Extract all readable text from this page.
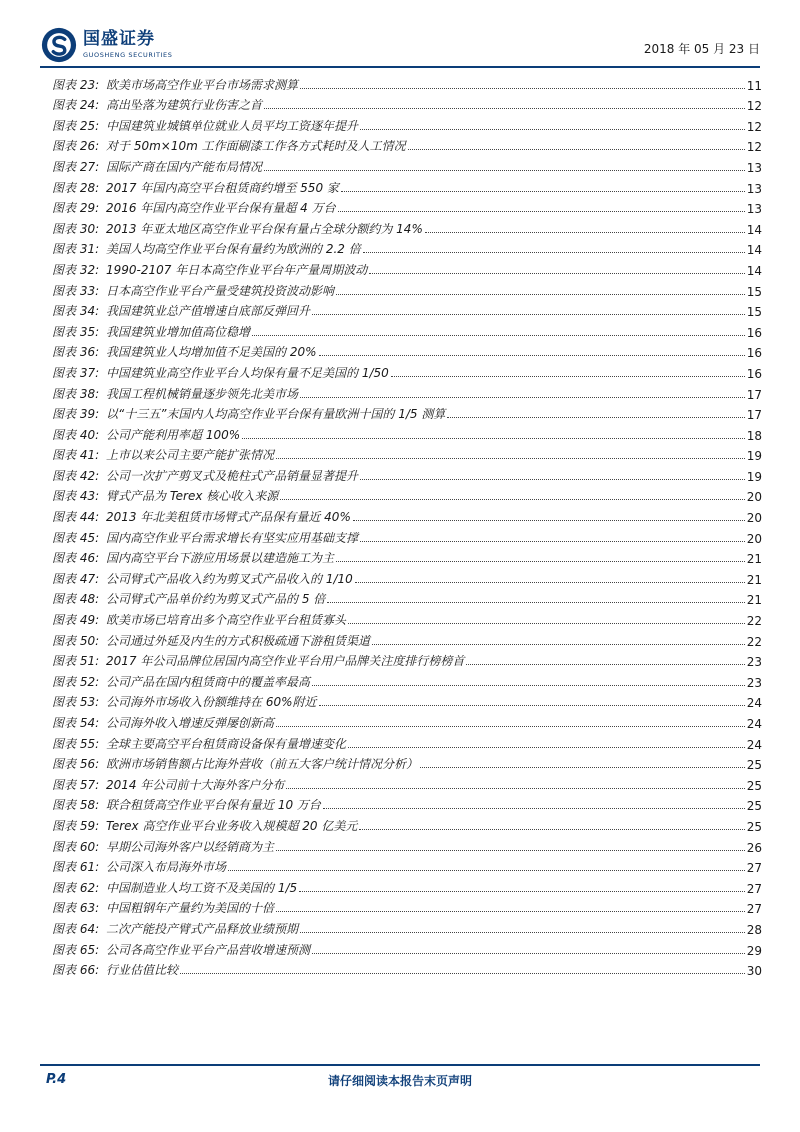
国盛证券
GUOSHENG SECURITIES	2018 年 05 月 23 日
图表 23: 欧美市场高空作业平台市场需求测算	11
图表 24: 高出坠落为建筑行业伤害之首	12
图表 25: 中国建筑业城镇单位就业人员平均工资逐年提升	12
图表 26: 对于 50m×10m 工作面刷漆工作各方式耗时及人工情况	12
图表 27: 国际产商在国内产能布局情况	13
图表 28: 2017 年国内高空平台租赁商约增至 550 家	13
图表 29: 2016 年国内高空作业平台保有量超 4 万台	13
图表 30: 2013 年亚太地区高空作业平台保有量占全球分额约为 14%	14
图表 31: 美国人均高空作业平台保有量约为欧洲的 2.2 倍	14
图表 32: 1990-2107 年日本高空作业平台年产量周期波动	14
图表 33: 日本高空作业平台产量受建筑投资波动影响	15
图表 34: 我国建筑业总产值增速自底部反弹回升	15
图表 35: 我国建筑业增加值高位稳增	16
图表 36: 我国建筑业人均增加值不足美国的 20%	16
图表 37: 中国建筑业高空作业平台人均保有量不足美国的 1/50	16
图表 38: 我国工程机械销量逐步领先北美市场	17
图表 39: 以“十三五”末国内人均高空作业平台保有量欧洲十国的 1/5 测算	17
图表 40: 公司产能利用率超 100%	18
图表 41: 上市以来公司主要产能扩张情况	19
图表 42: 公司一次扩产剪叉式及桅柱式产品销量显著提升	19
图表 43: 臂式产品为 Terex 核心收入来源	20
图表 44: 2013 年北美租赁市场臂式产品保有量近 40%	20
图表 45: 国内高空作业平台需求增长有坚实应用基础支撑	20
图表 46: 国内高空平台下游应用场景以建造施工为主	21
图表 47: 公司臂式产品收入约为剪叉式产品收入的 1/10	21
图表 48: 公司臂式产品单价约为剪叉式产品的 5 倍	21
图表 49: 欧美市场已培育出多个高空作业平台租赁寡头	22
图表 50: 公司通过外延及内生的方式积极疏通下游租赁渠道	22
图表 51: 2017 年公司品牌位居国内高空作业平台用户品牌关注度排行榜榜首	23
图表 52: 公司产品在国内租赁商中的覆盖率最高	23
图表 53: 公司海外市场收入份额维持在 60%附近	24
图表 54: 公司海外收入增速反弹屡创新高	24
图表 55: 全球主要高空平台租赁商设备保有量增速变化	24
图表 56: 欧洲市场销售额占比海外营收（前五大客户统计情况分析）	25
图表 57: 2014 年公司前十大海外客户分布	25
图表 58: 联合租赁高空作业平台保有量近 10 万台	25
图表 59: Terex 高空作业平台业务收入规模超 20 亿美元	25
图表 60: 早期公司海外客户以经销商为主	26
图表 61: 公司深入布局海外市场	27
图表 62: 中国制造业人均工资不及美国的 1/5	27
图表 63: 中国粗钢年产量约为美国的十倍	27
图表 64: 二次产能投产臂式产品释放业绩预期	28
图表 65: 公司各高空作业平台产品营收增速预测	29
图表 66: 行业估值比较	30
P.4	请仔细阅读本报告末页声明
